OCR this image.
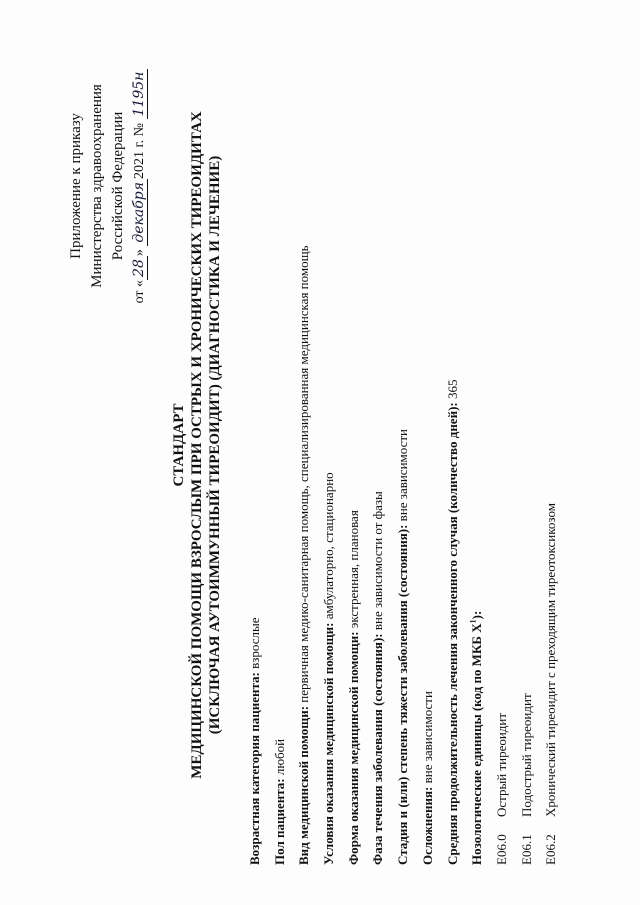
Приложение к приказу Министерства здравоохранения Российской Федерации
от «28» декабря2021 г. № 1195н
СТАНДАРТ МЕДИЦИНСКОЙ ПОМОЩИ ВЗРОСЛЫМ ПРИ ОСТРЫХ И ХРОНИЧЕСКИХ ТИРЕОИДИТАХ (ИСКЛЮЧАЯ АУТОИММУННЫЙ ТИРЕОИДИТ) (ДИАГНОСТИКА И ЛЕЧЕНИЕ)
Возрастная категория пациента: взрослые
Пол пациента: любой Вид медицинской помощи: первичная медико-санитарная помощь, специализированная медицинская помощь
Условия оказания медицинской помощи: амбулаторно, стационарно
Форма оказания медицинской помощи: экстренная, плановая
Фаза течения заболевания (состояния): вне зависимости от фазы Стадия и (или) степень тяжести заболевания (состояния): вне зависимости
Осложнения: вне зависимости Средняя продолжительность лечения законченного случая (количество дней): 365
Нозологические единицы (код по МКБ $X^1$):
E06.0
Острый тиреоидит
E06.1
Подострый тиреоидит
E06.2
Хронический тиреоидит с преходящим тиреотоксикозом
